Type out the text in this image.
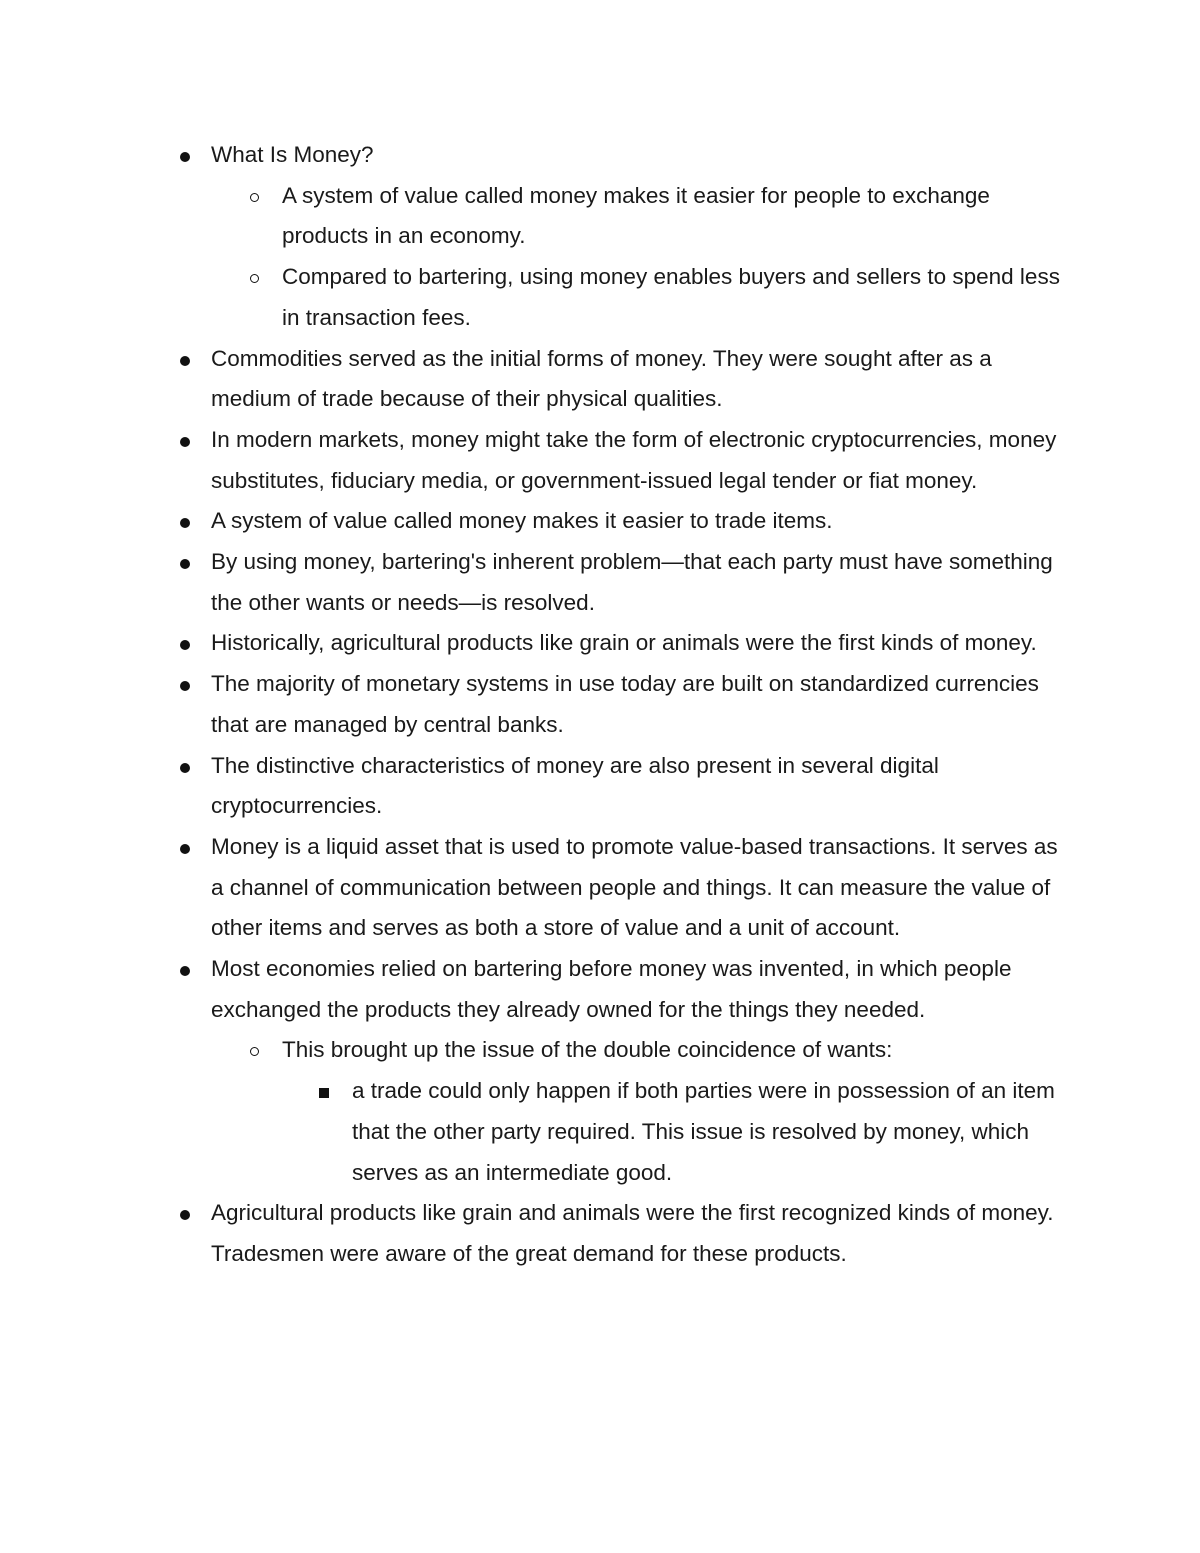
What Is Money?
A system of value called money makes it easier for people to exchange products in an economy.
Compared to bartering, using money enables buyers and sellers to spend less in transaction fees.
Commodities served as the initial forms of money. They were sought after as a medium of trade because of their physical qualities.
In modern markets, money might take the form of electronic cryptocurrencies, money substitutes, fiduciary media, or government-issued legal tender or fiat money.
A system of value called money makes it easier to trade items.
By using money, bartering's inherent problem—that each party must have something the other wants or needs—is resolved.
Historically, agricultural products like grain or animals were the first kinds of money.
The majority of monetary systems in use today are built on standardized currencies that are managed by central banks.
The distinctive characteristics of money are also present in several digital cryptocurrencies.
Money is a liquid asset that is used to promote value-based transactions. It serves as a channel of communication between people and things. It can measure the value of other items and serves as both a store of value and a unit of account.
Most economies relied on bartering before money was invented, in which people exchanged the products they already owned for the things they needed.
This brought up the issue of the double coincidence of wants:
a trade could only happen if both parties were in possession of an item that the other party required. This issue is resolved by money, which serves as an intermediate good.
Agricultural products like grain and animals were the first recognized kinds of money. Tradesmen were aware of the great demand for these products.
